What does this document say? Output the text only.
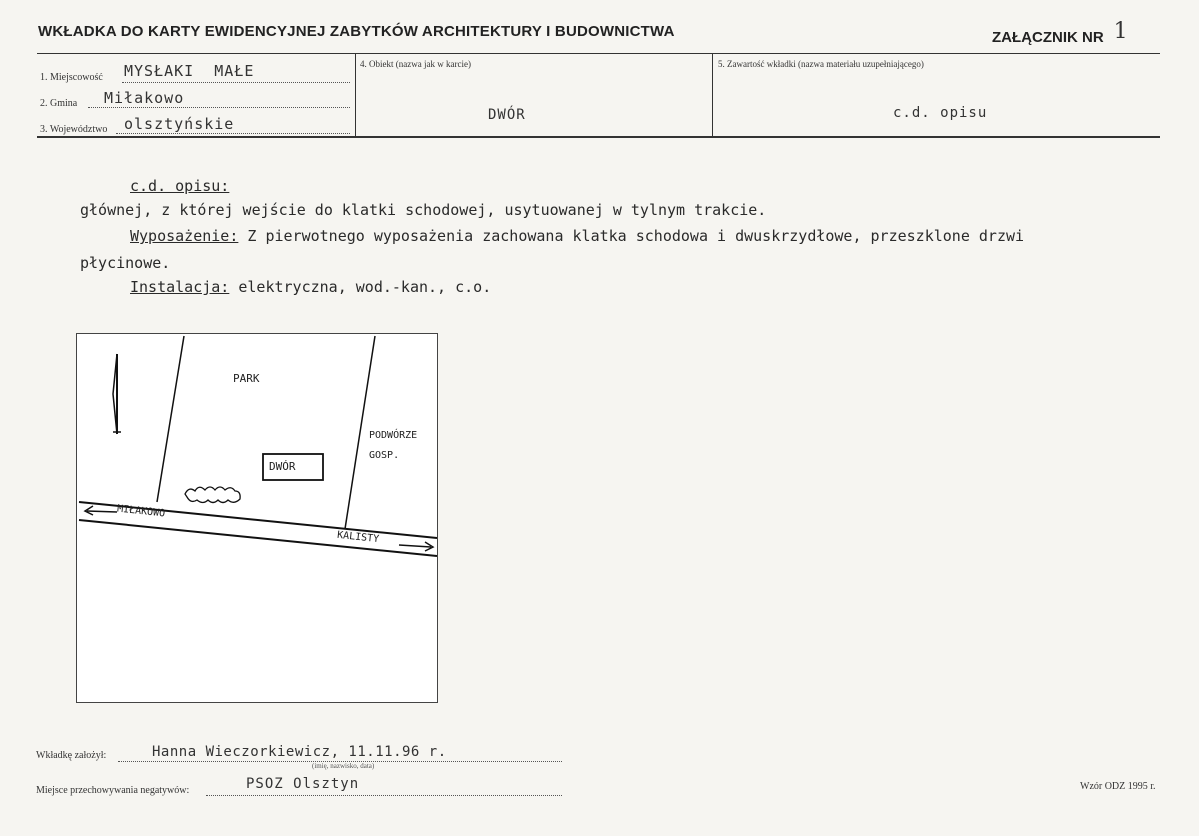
WKŁADKA DO KARTY EWIDENCYJNEJ ZABYTKÓW ARCHITEKTURY I BUDOWNICTWA	ZAŁĄCZNIK NR 1
1. Miejscowość MYSŁAKI  MAŁE
2. Gmina Miłakowo
3. Województwo olsztyńskie
4. Obiekt (nazwa jak w karcie)
DWÓR
5. Zawartość wkładki (nazwa materiału uzupełniającego)
c.d. opisu
c.d. opisu:
głównej, z której wejście do klatki schodowej, usytuowanej w tylnym trakcie.
Wyposażenie: Z pierwotnego wyposażenia zachowana klatka schodowa i dwuskrzydłowe, przeszklone drzwi
płycinowe.
Instalacja: elektryczna, wod.-kan., c.o.
PARK
DWÓR
PODWÓRZE
GOSP.
MIŁAKOWO
KALISTY
Wkładkę założył:	Hanna Wieczorkiewicz, 11.11.96 r.
(imię, nazwisko, data)
Miejsce przechowywania negatywów:	PSOZ Olsztyn	Wzór ODZ 1995 r.
